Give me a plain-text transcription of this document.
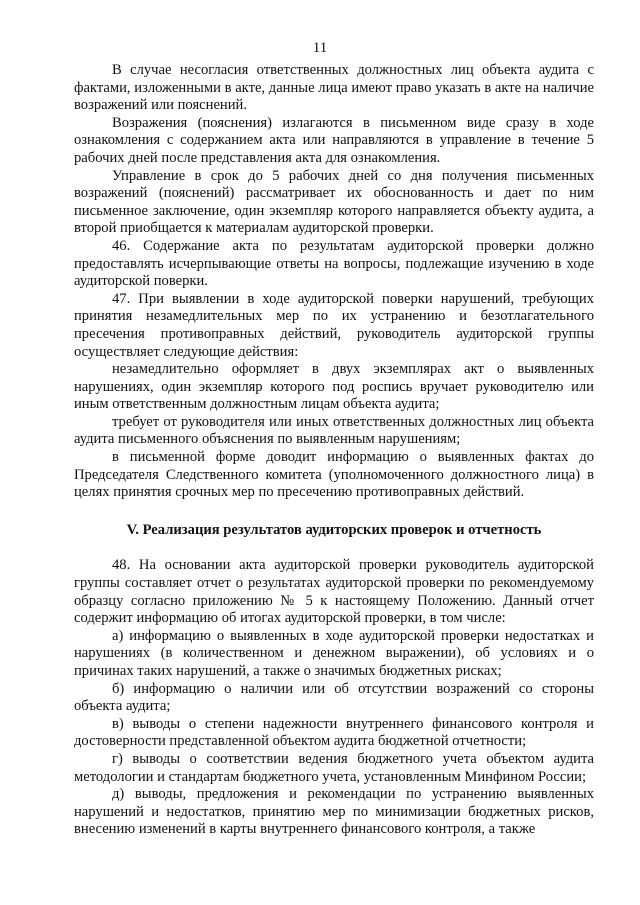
11

В случае несогласия ответственных должностных лиц объекта аудита с фактами, изложенными в акте, данные лица имеют право указать в акте на наличие возражений или пояснений.

Возражения (пояснения) излагаются в письменном виде сразу в ходе ознакомления с содержанием акта или направляются в управление в течение 5 рабочих дней после представления акта для ознакомления.

Управление в срок до 5 рабочих дней со дня получения письменных возражений (пояснений) рассматривает их обоснованность и дает по ним письменное заключение, один экземпляр которого направляется объекту аудита, а второй приобщается к материалам аудиторской проверки.

46. Содержание акта по результатам аудиторской проверки должно предоставлять исчерпывающие ответы на вопросы, подлежащие изучению в ходе аудиторской поверки.

47. При выявлении в ходе аудиторской поверки нарушений, требующих принятия незамедлительных мер по их устранению и безотлагательного пресечения противоправных действий, руководитель аудиторской группы осуществляет следующие действия:

незамедлительно оформляет в двух экземплярах акт о выявленных нарушениях, один экземпляр которого под роспись вручает руководителю или иным ответственным должностным лицам объекта аудита;

требует от руководителя или иных ответственных должностных лиц объекта аудита письменного объяснения по выявленным нарушениям;

в письменной форме доводит информацию о выявленных фактах до Председателя Следственного комитета (уполномоченного должностного лица) в целях принятия срочных мер по пресечению противоправных действий.

V. Реализация результатов аудиторских проверок и отчетность

48. На основании акта аудиторской проверки руководитель аудиторской группы составляет отчет о результатах аудиторской проверки по рекомендуемому образцу согласно приложению № 5 к настоящему Положению. Данный отчет содержит информацию об итогах аудиторской проверки, в том числе:

а) информацию о выявленных в ходе аудиторской проверки недостатках и нарушениях (в количественном и денежном выражении), об условиях и о причинах таких нарушений, а также о значимых бюджетных рисках;

б) информацию о наличии или об отсутствии возражений со стороны объекта аудита;

в) выводы о степени надежности внутреннего финансового контроля и достоверности представленной объектом аудита бюджетной отчетности;

г) выводы о соответствии ведения бюджетного учета объектом аудита методологии и стандартам бюджетного учета, установленным Минфином России;

д) выводы, предложения и рекомендации по устранению выявленных нарушений и недостатков, принятию мер по минимизации бюджетных рисков, внесению изменений в карты внутреннего финансового контроля, а также
